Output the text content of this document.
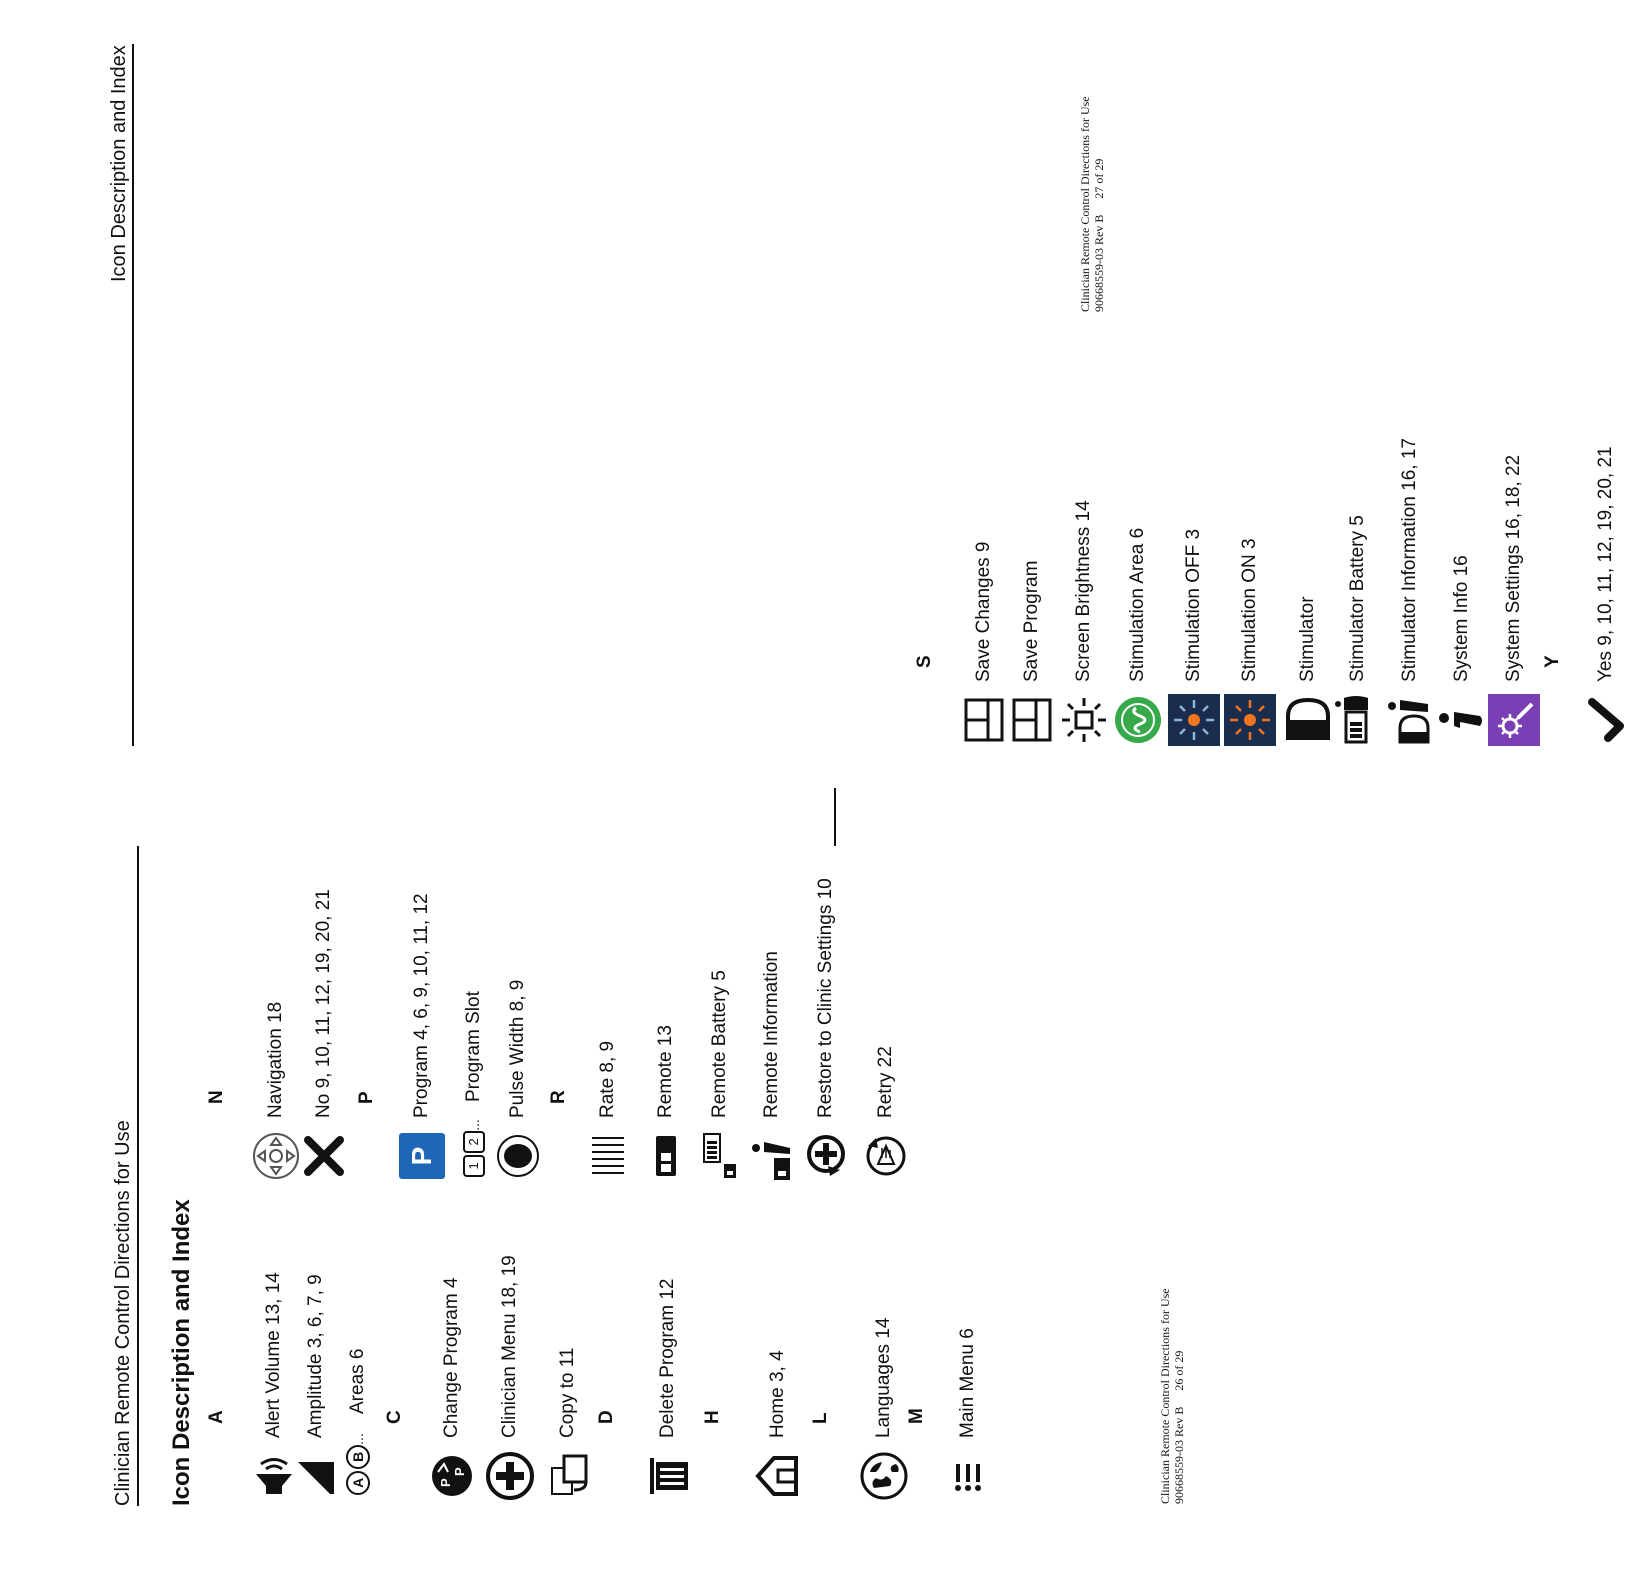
Clinician Remote Control Directions for Use Icon Description and Index A Alert Volume 13, 14 Amplitude 3, 6, 7, 9
A
B
...
Areas 6
C
P
P
Change Program 4 Clinician Menu 18, 19 Copy to 11 D Delete Program 12 H Home 3, 4 L Languages 14 M Main Menu 6
N Navigation 18 No 9, 10, 11, 12, 19, 20, 21 P
P
Program 4, 6, 9, 10, 11, 12
1
2
...
Program Slot Pulse Width 8, 9 R Rate 8, 9 Remote 13 Remote Battery 5 Remote Information Restore to Clinic Settings 10 Retry 22
Clinician Remote Control Directions for Use 90668559-03 Rev B26 of 29
S Save Changes 9 Save Program Screen Brightness 14 Stimulation Area 6 Stimulation OFF 3 Stimulation ON 3 Stimulator Stimulator Battery 5 Stimulator Information 16, 17 System Info 16 System Settings 16, 18, 22 Y Yes 9, 10, 11, 12, 19, 20, 21
Icon Description and Index	Clinician Remote Control Directions for Use 90668559-03 Rev B27 of 29
